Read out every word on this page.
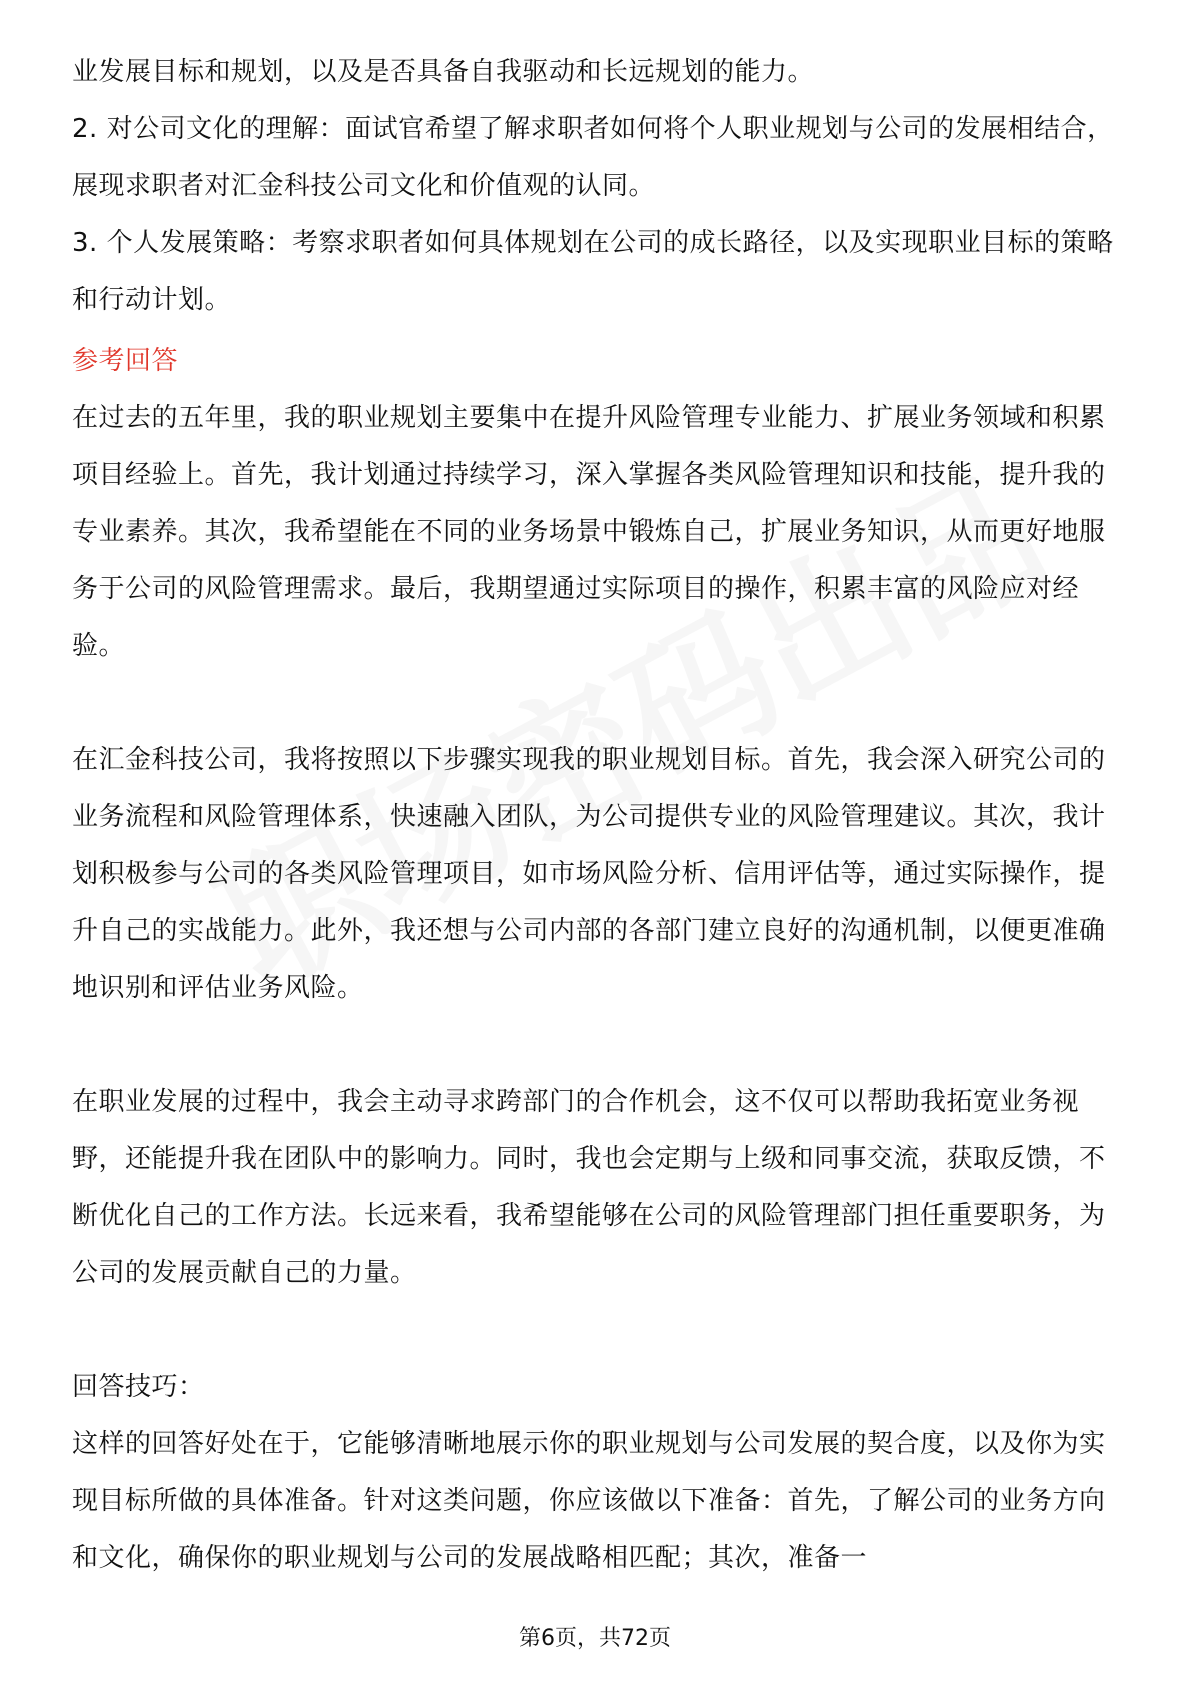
业发展目标和规划，以及是否具备自我驱动和长远规划的能力。

2. 对公司文化的理解：面试官希望了解求职者如何将个人职业规划与公司的发展相结合，展现求职者对汇金科技公司文化和价值观的认同。

3. 个人发展策略：考察求职者如何具体规划在公司的成长路径，以及实现职业目标的策略和行动计划。

参考回答

在过去的五年里，我的职业规划主要集中在提升风险管理专业能力、扩展业务领域和积累项目经验上。首先，我计划通过持续学习，深入掌握各类风险管理知识和技能，提升我的专业素养。其次，我希望能在不同的业务场景中锻炼自己，扩展业务知识，从而更好地服务于公司的风险管理需求。最后，我期望通过实际项目的操作，积累丰富的风险应对经验。

在汇金科技公司，我将按照以下步骤实现我的职业规划目标。首先，我会深入研究公司的业务流程和风险管理体系，快速融入团队，为公司提供专业的风险管理建议。其次，我计划积极参与公司的各类风险管理项目，如市场风险分析、信用评估等，通过实际操作，提升自己的实战能力。此外，我还想与公司内部的各部门建立良好的沟通机制，以便更准确地识别和评估业务风险。

在职业发展的过程中，我会主动寻求跨部门的合作机会，这不仅可以帮助我拓宽业务视野，还能提升我在团队中的影响力。同时，我也会定期与上级和同事交流，获取反馈，不断优化自己的工作方法。长远来看，我希望能够在公司的风险管理部门担任重要职务，为公司的发展贡献自己的力量。

回答技巧：

这样的回答好处在于，它能够清晰地展示你的职业规划与公司发展的契合度，以及你为实现目标所做的具体准备。针对这类问题，你应该做以下准备：首先，了解公司的业务方向和文化，确保你的职业规划与公司的发展战略相匹配；其次，准备一

第6页，共72页
